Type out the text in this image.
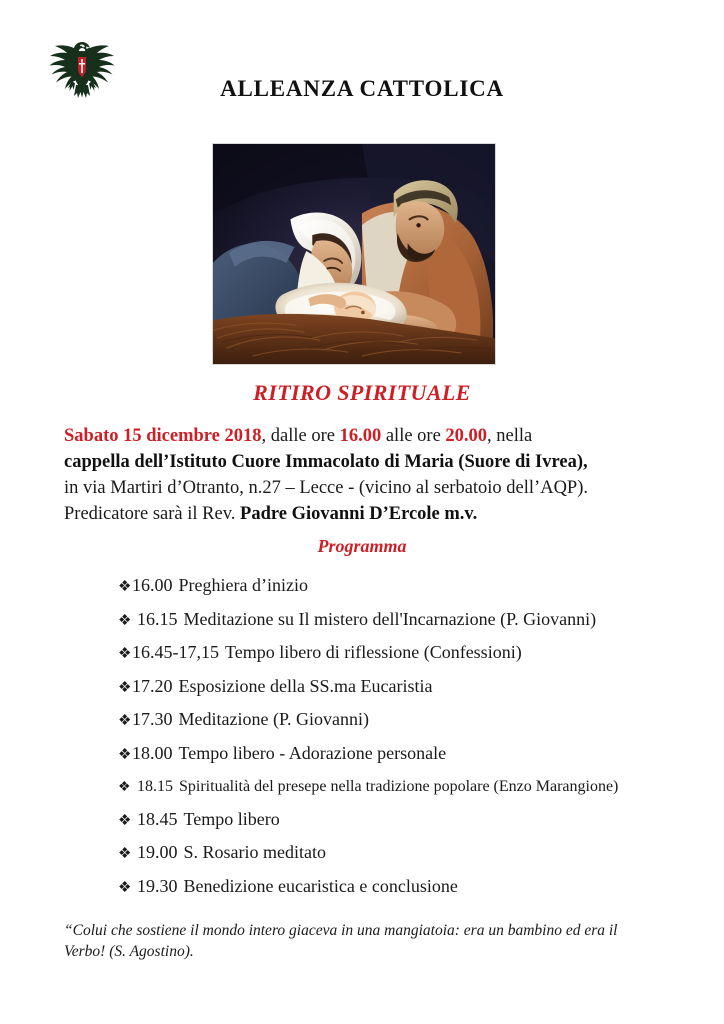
ALLEANZA CATTOLICA
RITIRO SPIRITUALE
Sabato 15 dicembre 2018, dalle ore 16.00 alle ore 20.00, nella
cappella dell’Istituto Cuore Immacolato di Maria (Suore di Ivrea),
in via Martiri d’Otranto, n.27 – Lecce - (vicino al serbatoio dell’AQP).
Predicatore sarà il Rev. Padre Giovanni D’Ercole m.v.
Programma
❖16.00 Preghiera d’inizio
❖ 16.15 Meditazione su Il mistero dell'Incarnazione (P. Giovanni)
❖16.45-17,15 Tempo libero di riflessione (Confessioni)
❖17.20 Esposizione della SS.ma Eucaristia
❖17.30 Meditazione (P. Giovanni)
❖18.00 Tempo libero - Adorazione personale
❖ 18.15 Spiritualità del presepe nella tradizione popolare (Enzo Marangione)
❖ 18.45 Tempo libero
❖ 19.00 S. Rosario meditato
❖ 19.30 Benedizione eucaristica e conclusione
“Colui che sostiene il mondo intero giaceva in una mangiatoia: era un bambino ed era il Verbo! (S. Agostino).
